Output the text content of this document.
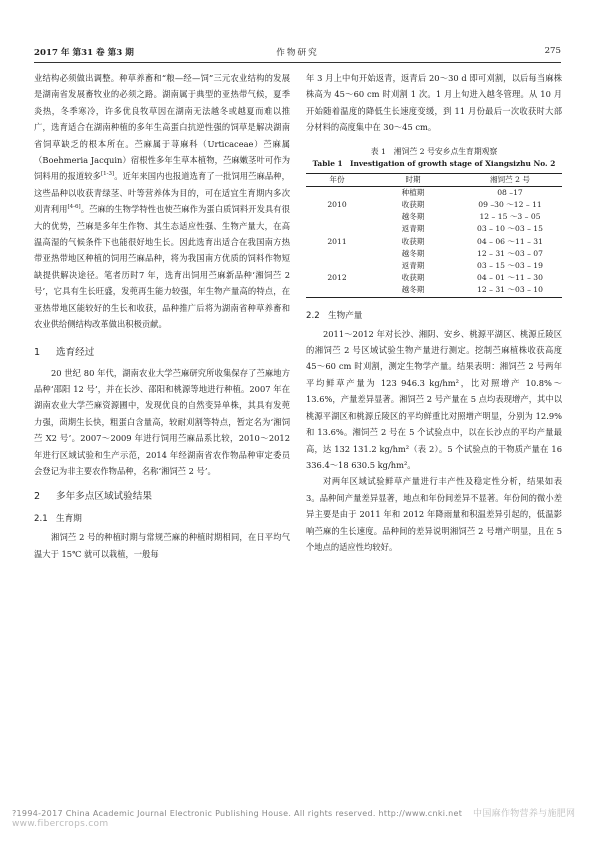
2017 年 第31 卷 第3 期	作物研究	275

业结构必须做出调整。种草养畜和“粮—经—饲”三元农业结构的发展是湖南省发展畜牧业的必须之路。湖南属于典型的亚热带气候，夏季炎热，冬季寒冷，许多优良牧草因在湖南无法越冬或越夏而难以推广，选育适合在湖南种植的多年生高蛋白抗逆性强的饲草是解决湖南省饲草缺乏的根本所在。苎麻属于荨麻科（Urticaceae）苎麻属（Boehmeria Jacquin）宿根性多年生草本植物，苎麻嫩茎叶可作为饲料用的报道较多[1-3]。近年来国内也报道选育了一批饲用苎麻品种，这些品种以收获青绿茎、叶等营养体为目的，可在适宜生育期内多次刈青利用[4-6]。苎麻的生物学特性也使苎麻作为蛋白质饲料开发具有很大的优势，苎麻是多年生作物、其生态适应性强、生物产量大，在高温高湿的气候条件下也能很好地生长。因此选育出适合在我国南方热带亚热带地区种植的饲用苎麻品种，将为我国南方优质的饲料作物短缺提供解决途径。笔者历时7 年，选育出饲用苎麻新品种‘湘饲苎 2 号’，它具有生长旺盛，发蔸再生能力较强，年生物产量高的特点，在亚热带地区能较好的生长和收获，品种推广后将为湖南省种草养畜和农业供给侧结构改革做出积极贡献。

1 选育经过

20 世纪 80 年代，湖南农业大学苎麻研究所收集保存了苎麻地方品种‘邵阳 12 号’，并在长沙、邵阳和桃源等地进行种植。2007 年在湖南农业大学苎麻资源圃中，发现优良的自然变异单株，其具有发蔸力强，茴期生长快，粗蛋白含量高，较耐刈割等特点，暂定名为‘湘饲苎 X2 号’。2007～2009 年进行饲用苎麻品系比较，2010～2012 年进行区域试验和生产示范，2014 年经湖南省农作物品种审定委员会登记为非主要农作物品种，名称‘湘饲苎 2 号’。

2 多年多点区域试验结果
2.1 生育期

湘饲苎 2 号的种植时期与常规苎麻的种植时期相同，在日平均气温大于 15℃ 就可以栽植，一般每

年 3 月上中旬开始返青，返青后 20～30 d 即可刈割，以后每当麻株株高为 45～60 cm 时刈割 1 次。1 月上旬进入越冬管理。从 10 月开始随着温度的降低生长速度变缓，到 11 月份最后一次收获时大部分材料的高度集中在 30～45 cm。

表 1　湘饲苎 2 号安乡点生育期观察
Table 1　Investigation of growth stage of Xiangsizhu No. 2
年份	时期	湘饲苎 2 号
2010	种植期	08 –17
	收获期	09 –30 ～12 – 11
	越冬期	12 – 15 ～3 – 05
2011	返青期	03 – 10 ～03 – 15
	收获期	04 – 06 ～11 – 31
	越冬期	12 – 31 ～03 – 07
2012	返青期	03 – 15 ～03 – 19
	收获期	04 – 01 ～11 – 30
	越冬期	12 – 31 ～03 – 10
2.2 生物产量

2011～2012 年对长沙、湘阴、安乡、桃源平湖区、桃源丘陵区的湘饲苎 2 号区域试验生物产量进行测定。挖制苎麻植株收获高度 45～60 cm 时刈割，测定生物学产量。结果表明：湘饲苎 2 号两年平均鲜草产量为 123 946.3 kg/hm²，比对照增产 10.8%～13.6%，产量差异显著。湘饲苎 2 号产量在 5 点均表现增产，其中以桃源平湖区和桃源丘陵区的平均鲜重比对照增产明显，分别为 12.9% 和 13.6%。湘饲苎 2 号在 5 个试验点中，以在长沙点的平均产量最高，达 132 131.2 kg/hm²（表 2）。5 个试验点的干物质产量在 16 336.4～18 630.5 kg/hm²。

对两年区域试验鲜草产量进行丰产性及稳定性分析，结果如表 3。品种间产量差异显著，地点和年份间差异不显著。年份间的微小差异主要是由于 2011 年和 2012 年降雨量和积温差异引起的，低温影响苎麻的生长速度。品种间的差异说明湘饲苎 2 号增产明显，且在 5 个地点的适应性均较好。

?1994-2017 China Academic Journal Electronic Publishing House. All rights reserved. http://www.cnki.net 中国麻作物营养与施肥网 www.fibercrops.com
